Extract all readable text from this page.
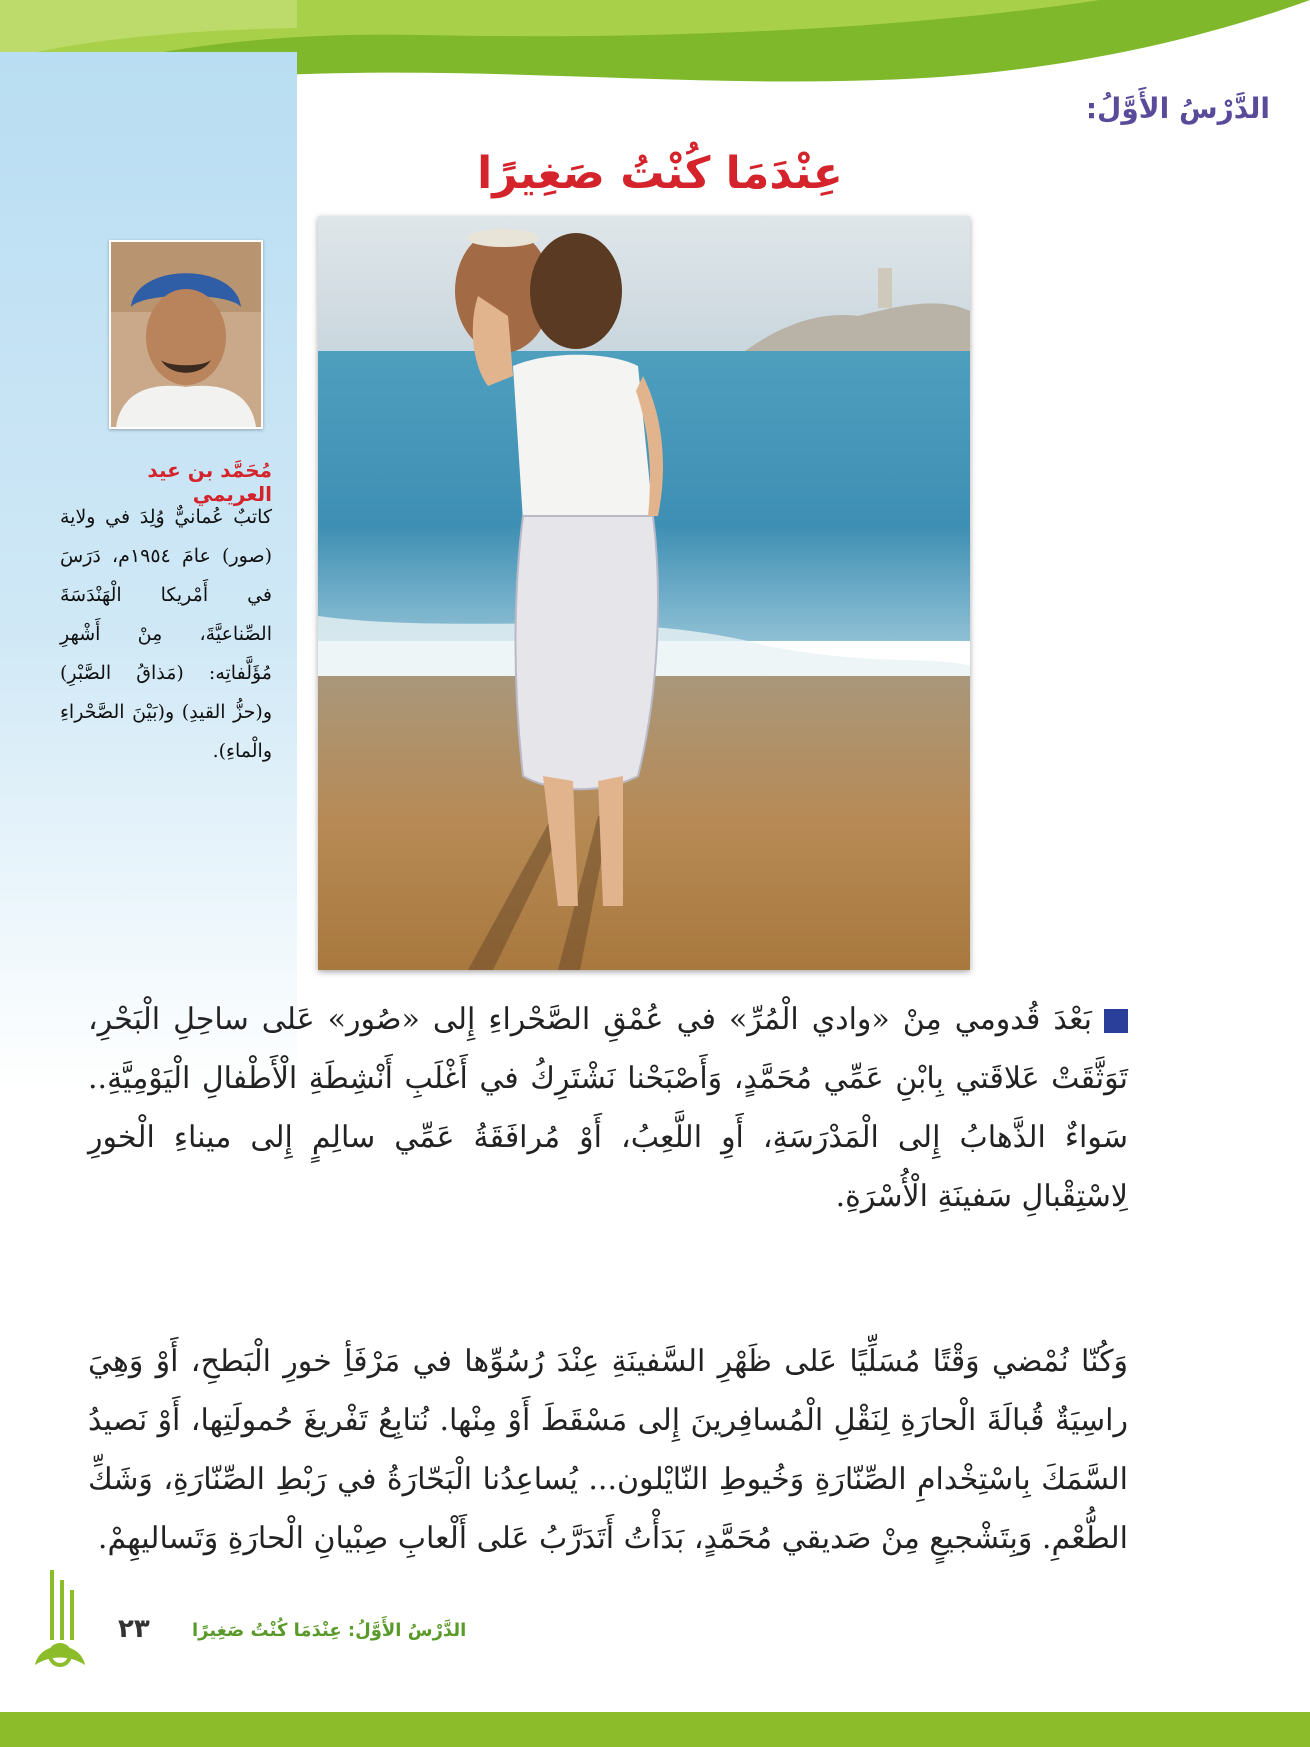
الدَّرْسُ الأَوَّلُ:
عِنْدَمَا كُنْتُ صَغِيرًا
مُحَمَّد بن عيد العريمي
كاتبٌ عُمانيٌّ وُلِدَ في ولاية (صور) عامَ ١٩٥٤م، دَرَسَ في أَمْريكا الْهَنْدَسَةَ الصِّناعيَّةَ، مِنْ أَشْهرِ مُؤَلَّفاتِه: (مَذاقُ الصَّبْرِ) و(حزُّ القيدِ) و(بَيْنَ الصَّحْراءِ والْماءِ).
بَعْدَ قُدومي مِنْ «وادي الْمُرِّ» في عُمْقِ الصَّحْراءِ إِلى «صُور» عَلى ساحِلِ الْبَحْرِ، تَوَثَّقَتْ عَلاقَتي بِابْنِ عَمِّي مُحَمَّدٍ، وَأَصْبَحْنا نَشْتَرِكُ في أَغْلَبِ أَنْشِطَةِ الْأَطْفالِ الْيَوْمِيَّةِ.. سَواءٌ الذَّهابُ إِلى الْمَدْرَسَةِ، أَوِ اللَّعِبُ، أَوْ مُرافَقَةُ عَمِّي سالِمٍ إِلى ميناءِ الْخورِ لِاسْتِقْبالِ سَفينَةِ الْأُسْرَةِ.
وَكُنّا نُمْضي وَقْتًا مُسَلِّيًا عَلى ظَهْرِ السَّفينَةِ عِنْدَ رُسُوِّها في مَرْفَأِ خورِ الْبَطحِ، أَوْ وَهِيَ راسِيَةٌ قُبالَةَ الْحارَةِ لِنَقْلِ الْمُسافِرينَ إِلى مَسْقَطَ أَوْ مِنْها. نُتابِعُ تَفْريغَ حُمولَتِها، أَوْ نَصيدُ السَّمَكَ بِاسْتِخْدامِ الصِّنّارَةِ وَخُيوطِ النّايْلون... يُساعِدُنا الْبَحّارَةُ في رَبْطِ الصِّنّارَةِ، وَشَكِّ الطُّعْمِ. وَبِتَشْجيعٍ مِنْ صَديقي مُحَمَّدٍ، بَدَأْتُ أَتَدَرَّبُ عَلى أَلْعابِ صِبْيانِ الْحارَةِ وَتَساليهِمْ.
٢٣ الدَّرْسُ الأَوَّلُ: عِنْدَمَا كُنْتُ صَغِيرًا
